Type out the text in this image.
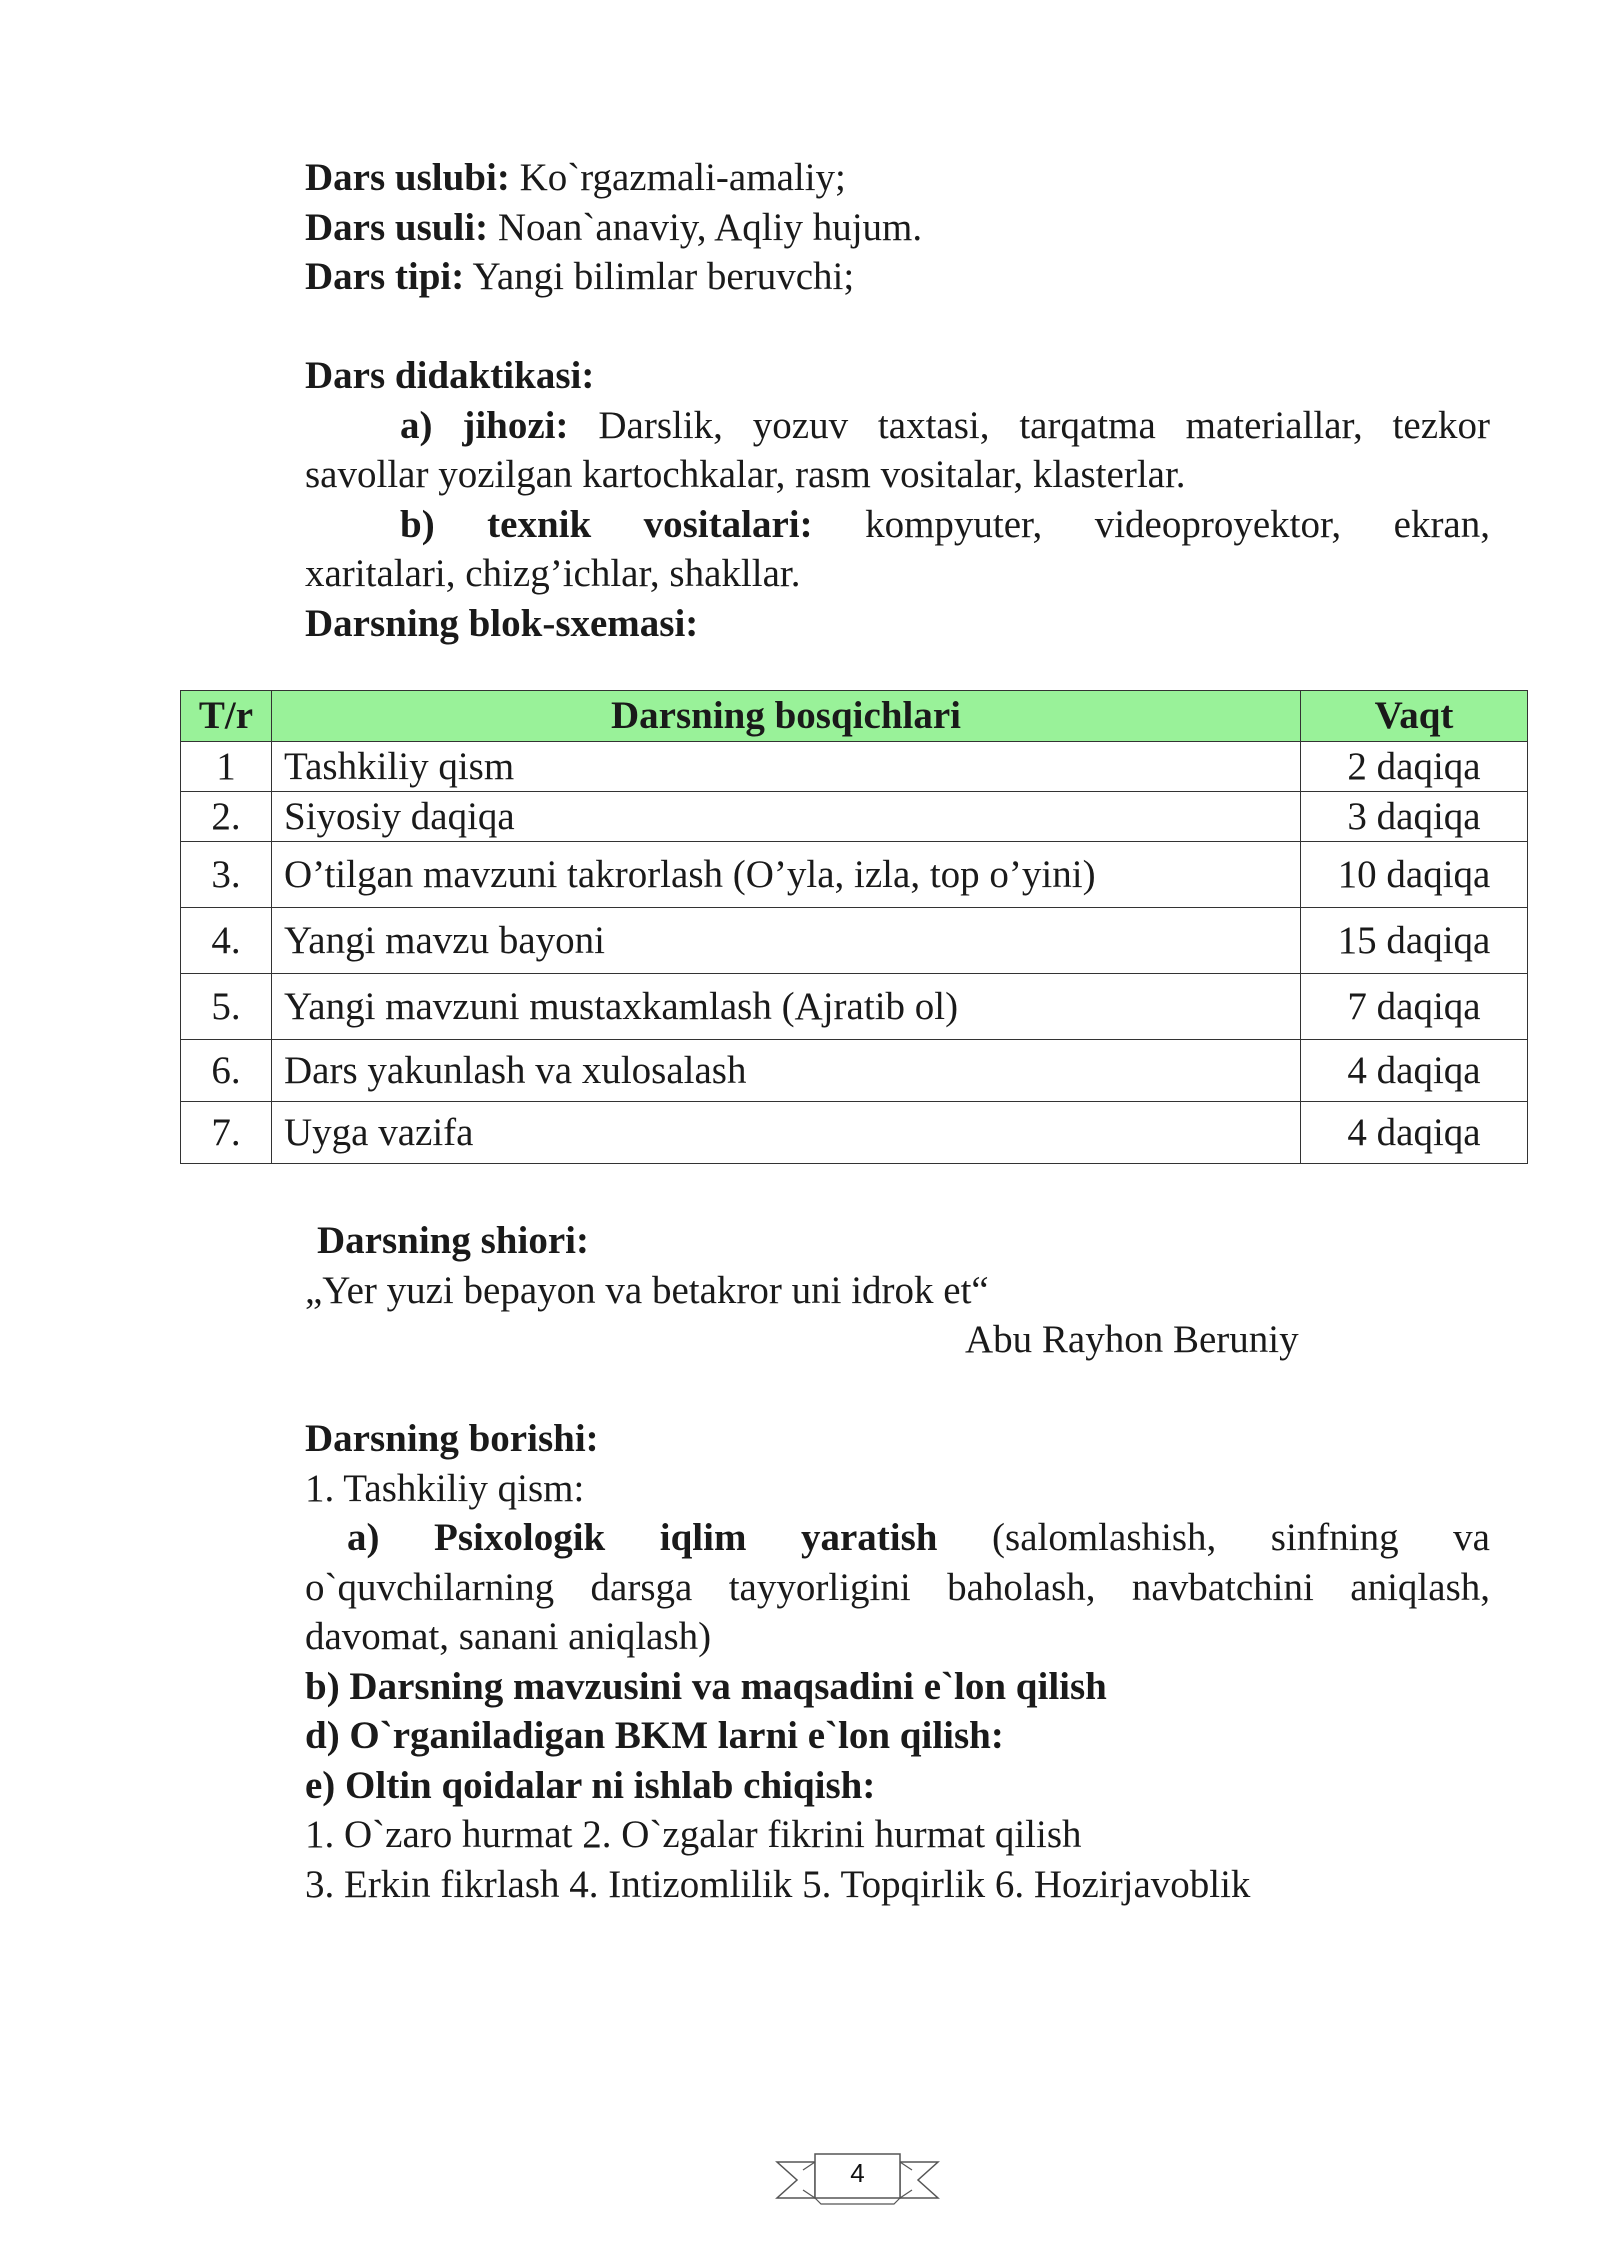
Dars uslubi: Ko`rgazmali-amaliy;
Dars usuli: Noan`anaviy, Aqliy hujum.
Dars tipi: Yangi bilimlar beruvchi;
Dars didaktikasi:
a) jihozi: Darslik, yozuv taxtasi, tarqatma materiallar, tezkor
savollar yozilgan kartochkalar, rasm vositalar, klasterlar.
b) texnik vositalari: kompyuter, videoproyektor, ekran,
xaritalari, chizg’ichlar, shakllar.
Darsning blok-sxemasi:
T/r	Darsning bosqichlari	Vaqt
1	Tashkiliy qism	2 daqiqa
2.	Siyosiy daqiqa	3 daqiqa
3.	O’tilgan mavzuni takrorlash (O’yla, izla, top o’yini)	10 daqiqa
4.	Yangi mavzu bayoni	15 daqiqa
5.	Yangi mavzuni mustaxkamlash (Ajratib ol)	7 daqiqa
6.	Dars yakunlash va xulosalash	4 daqiqa
7.	Uyga vazifa	4 daqiqa
Darsning shiori:
„Yer yuzi bepayon va betakror uni idrok et“
Abu Rayhon Beruniy
Darsning borishi:
1. Tashkiliy qism:
a) Psixologik iqlim yaratish (salomlashish, sinfning va
o`quvchilarning darsga tayyorligini baholash, navbatchini aniqlash,
davomat, sanani aniqlash)
b) Darsning mavzusini va maqsadini e`lon qilish
d) O`rganiladigan BKM larni e`lon qilish:
e) Oltin qoidalar ni ishlab chiqish:
1. O`zaro hurmat 2. O`zgalar fikrini hurmat qilish
3. Erkin fikrlash 4. Intizomlilik 5. Topqirlik 6. Hozirjavoblik
4
